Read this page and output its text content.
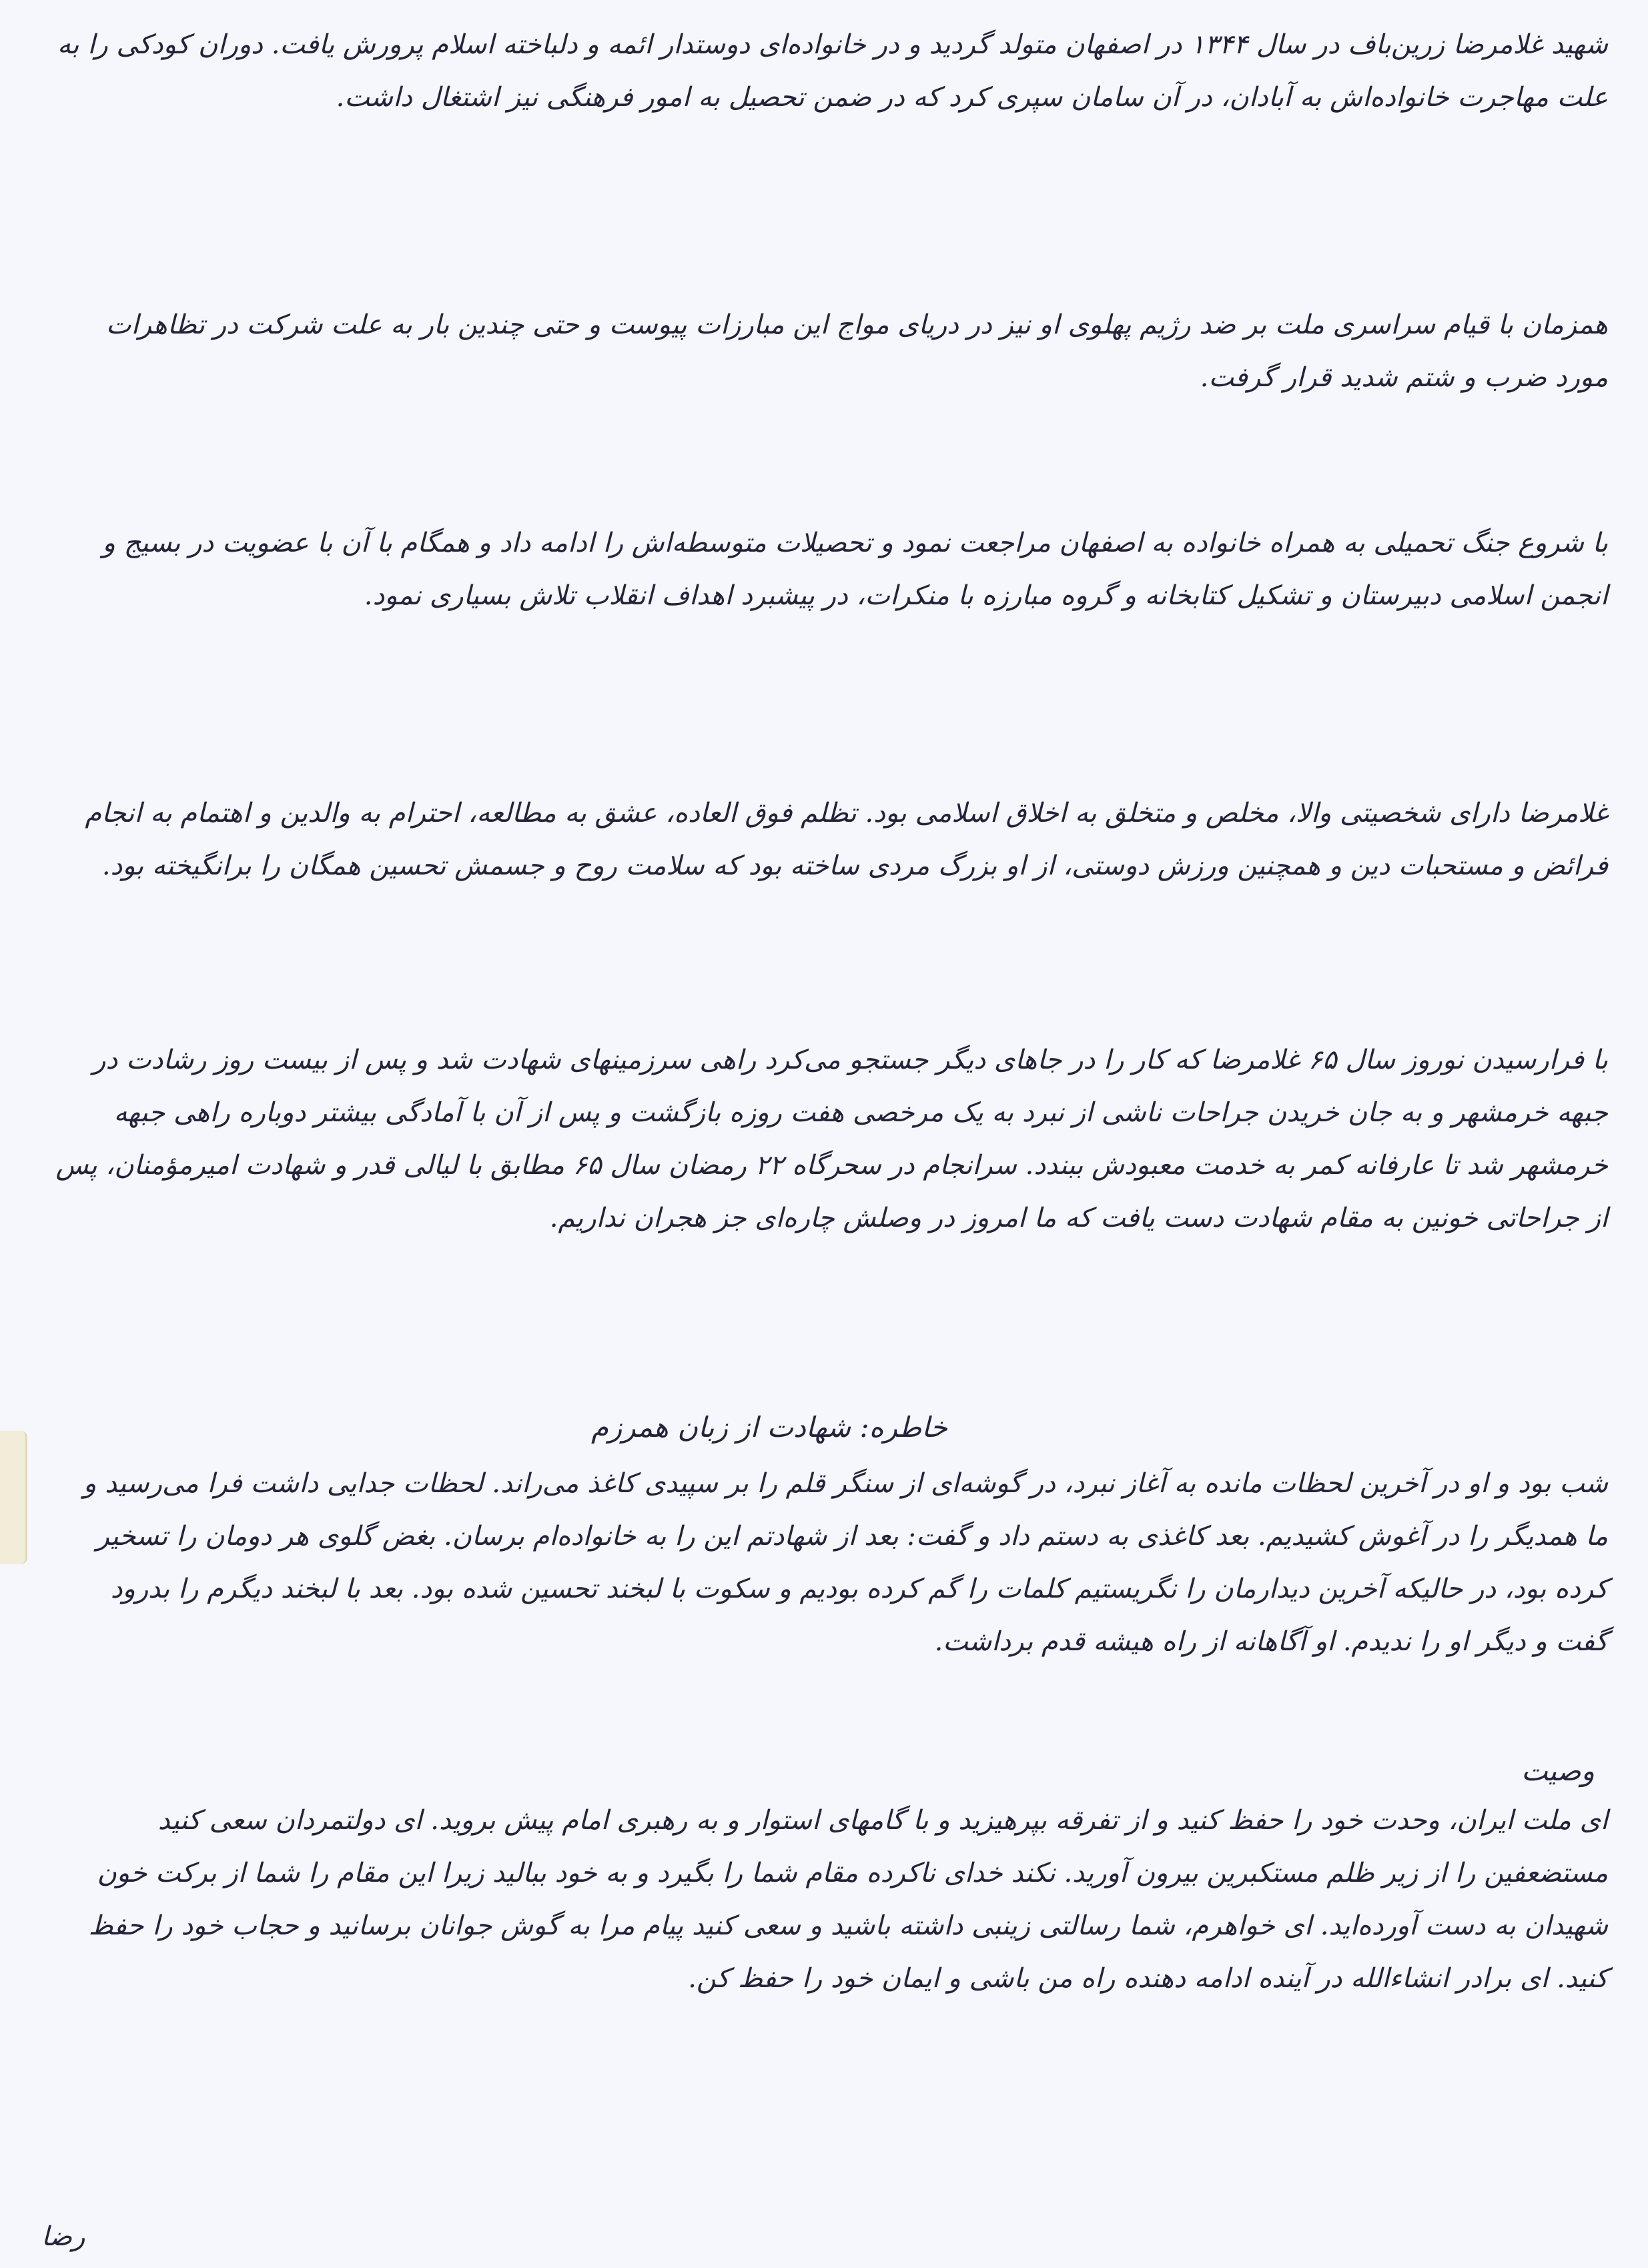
شهید غلامرضا زرین‌باف در سال ۱۳۴۴ در اصفهان متولد گردید و در خانواده‌ای دوستدار ائمه و دلباخته اسلام پرورش یافت. دوران کودکی را به علت مهاجرت خانواده‌اش به آبادان، در آن سامان سپری کرد که در ضمن تحصیل به امور فرهنگی نیز اشتغال داشت.

همزمان با قیام سراسری ملت بر ضد رژیم پهلوی او نیز در دریای مواج این مبارزات پیوست و حتی چندین بار به علت شرکت در تظاهرات مورد ضرب و شتم شدید قرار گرفت.

با شروع جنگ تحمیلی به همراه خانواده به اصفهان مراجعت نمود و تحصیلات متوسطه‌اش را ادامه داد و همگام با آن با عضویت در بسیج و انجمن اسلامی دبیرستان و تشکیل کتابخانه و گروه مبارزه با منکرات، در پیشبرد اهداف انقلاب تلاش بسیاری نمود.

غلامرضا دارای شخصیتی والا، مخلص و متخلق به اخلاق اسلامی بود. تظلم فوق العاده، عشق به مطالعه، احترام به والدین و اهتمام به انجام فرائض و مستحبات دین و همچنین ورزش دوستی، از او بزرگ مردی ساخته بود که سلامت روح و جسمش تحسین همگان را برانگیخته بود.

با فرارسیدن نوروز سال ۶۵ غلامرضا که کار را در جاهای دیگر جستجو می‌کرد راهی سرزمینهای شهادت شد و پس از بیست روز رشادت در جبهه خرمشهر و به جان خریدن جراحات ناشی از نبرد به یک مرخصی هفت روزه بازگشت و پس از آن با آمادگی بیشتر دوباره راهی جبهه خرمشهر شد تا عارفانه کمر به خدمت معبودش ببندد. سرانجام در سحرگاه ۲۲ رمضان سال ۶۵ مطابق با لیالی قدر و شهادت امیرمؤمنان، پس از جراحاتی خونین به مقام شهادت دست یافت که ما امروز در وصلش چاره‌ای جز هجران نداریم.

خاطره: شهادت از زبان همرزم

شب بود و او در آخرین لحظات مانده به آغاز نبرد، در گوشه‌ای از سنگر قلم را بر سپیدی کاغذ می‌راند. لحظات جدایی داشت فرا می‌رسید و ما همدیگر را در آغوش کشیدیم. بعد کاغذی به دستم داد و گفت: بعد از شهادتم این را به خانواده‌ام برسان. بغض گلوی هر دومان را تسخیر کرده بود، در حالیکه آخرین دیدارمان را نگریستیم کلمات را گم کرده بودیم و سکوت با لبخند تحسین شده بود. بعد با لبخند دیگرم را بدرود گفت و دیگر او را ندیدم. او آگاهانه از راه هیشه قدم برداشت.

وصیت

ای ملت ایران، وحدت خود را حفظ کنید و از تفرقه بپرهیزید و با گامهای استوار و به رهبری امام پیش بروید. ای دولتمردان سعی کنید مستضعفین را از زیر ظلم مستکبرین بیرون آورید. نکند خدای ناکرده مقام شما را بگیرد و به خود ببالید زیرا این مقام را شما از برکت خون شهیدان به دست آورده‌اید. ای خواهرم، شما رسالتی زینبی داشته باشید و سعی کنید پیام مرا به گوش جوانان برسانید و حجاب خود را حفظ کنید. ای برادر انشاءالله در آینده ادامه دهنده راه من باشی و ایمان خود را حفظ کن.

رضا
